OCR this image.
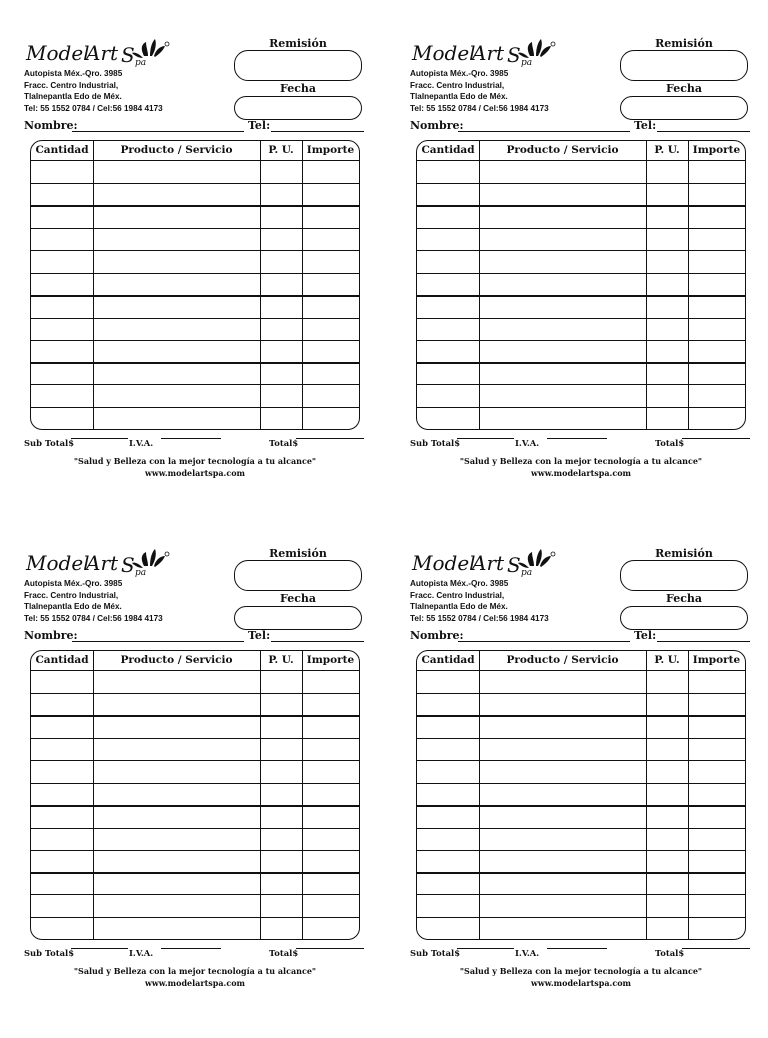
Model
Art S pa
Autopista Méx.-Qro. 3985
Fracc. Centro Industrial,
Tlalnepantla Edo de Méx.
Tel: 55 1552 0784 / Cel:56 1984 4173
Remisión
Fecha
Nombre:	Tel:
Cantidad	Producto / Servicio	P. U.	Importe
Sub Total$	I.V.A.	Total$
"Salud y Belleza con la mejor tecnología a tu alcance"
www.modelartspa.com
Model
Art S pa
Autopista Méx.-Qro. 3985
Fracc. Centro Industrial,
Tlalnepantla Edo de Méx.
Tel: 55 1552 0784 / Cel:56 1984 4173
Remisión
Fecha
Nombre:	Tel:
Cantidad	Producto / Servicio	P. U.	Importe
Sub Total$	I.V.A.	Total$
"Salud y Belleza con la mejor tecnología a tu alcance"
www.modelartspa.com
Model
Art S pa
Autopista Méx.-Qro. 3985
Fracc. Centro Industrial,
Tlalnepantla Edo de Méx.
Tel: 55 1552 0784 / Cel:56 1984 4173
Remisión
Fecha
Nombre:	Tel:
Cantidad	Producto / Servicio	P. U.	Importe
Sub Total$	I.V.A.	Total$
"Salud y Belleza con la mejor tecnología a tu alcance"
www.modelartspa.com
Model
Art S pa
Autopista Méx.-Qro. 3985
Fracc. Centro Industrial,
Tlalnepantla Edo de Méx.
Tel: 55 1552 0784 / Cel:56 1984 4173
Remisión
Fecha
Nombre:	Tel:
Cantidad	Producto / Servicio	P. U.	Importe
Sub Total$	I.V.A.	Total$
"Salud y Belleza con la mejor tecnología a tu alcance"
www.modelartspa.com
